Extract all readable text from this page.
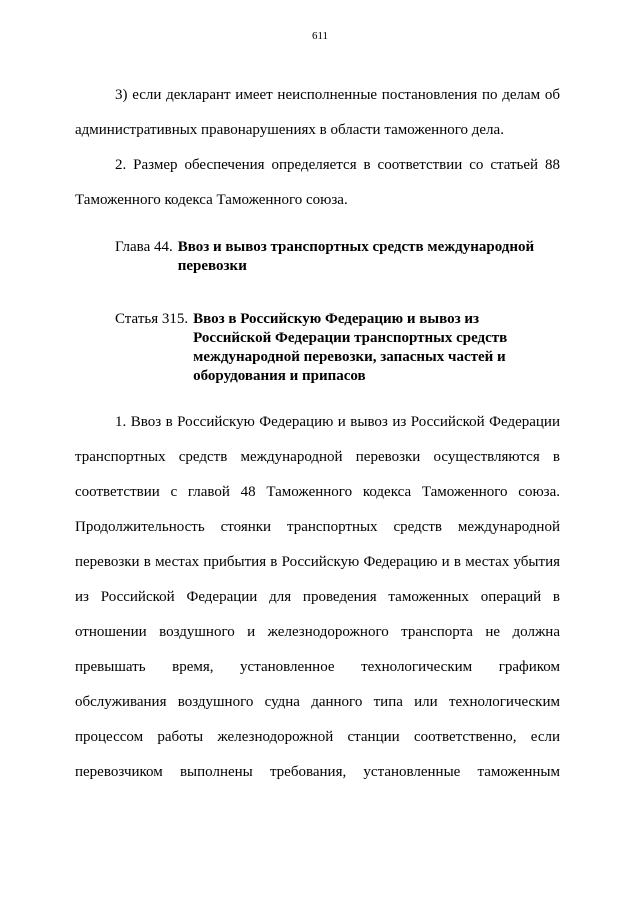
611

3) если декларант имеет неисполненные постановления по делам об

административных правонарушениях в области таможенного дела.

2. Размер обеспечения определяется в соответствии со статьей 88

Таможенного кодекса Таможенного союза.

Глава 44. Ввоз и вывоз транспортных средств международной
перевозки
Статья 315. Ввоз в Российскую Федерацию и вывоз из
Российской Федерации транспортных средств
международной перевозки, запасных частей и
оборудования и припасов

1. Ввоз в Российскую Федерацию и вывоз из Российской Федерации

транспортных средств международной перевозки осуществляются в

соответствии с главой 48 Таможенного кодекса Таможенного союза.

Продолжительность стоянки транспортных средств международной

перевозки в местах прибытия в Российскую Федерацию и в местах убытия

из Российской Федерации для проведения таможенных операций в

отношении воздушного и железнодорожного транспорта не должна

превышать время, установленное технологическим графиком

обслуживания воздушного судна данного типа или технологическим

процессом работы железнодорожной станции соответственно, если

перевозчиком выполнены требования, установленные таможенным
